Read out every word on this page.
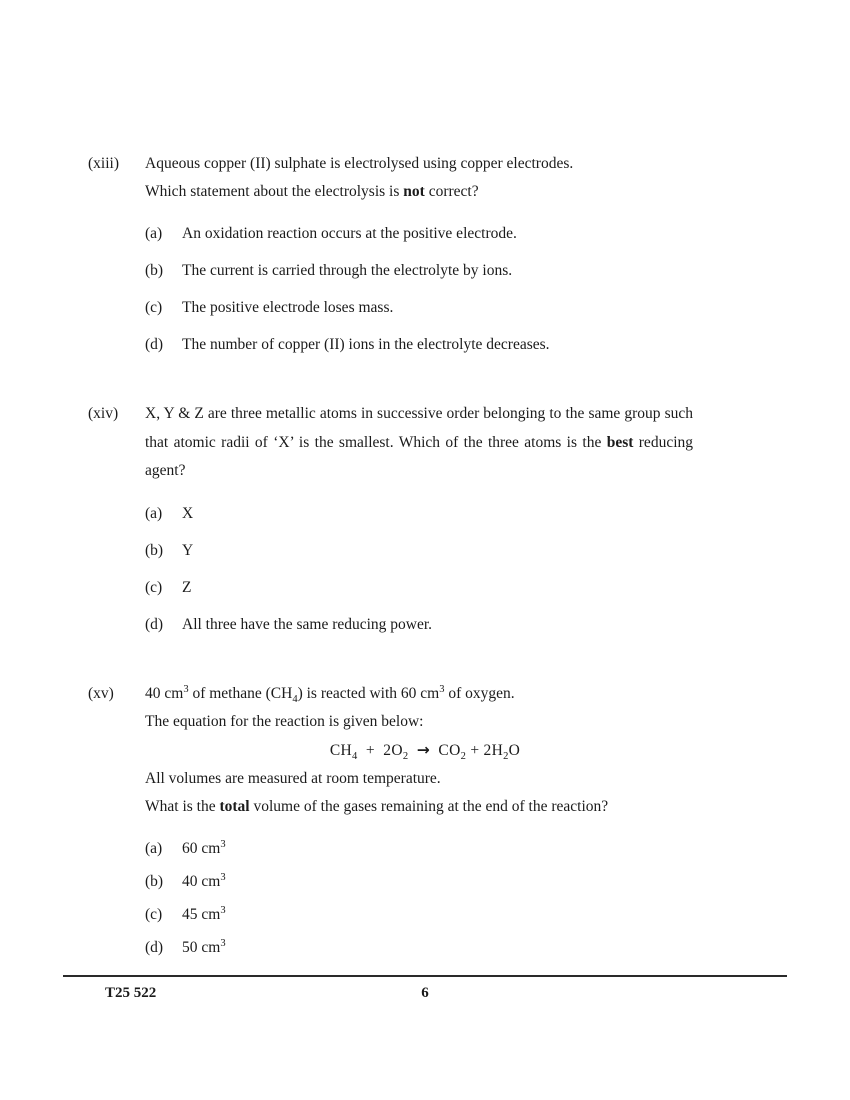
(xiii)	Aqueous copper (II) sulphate is electrolysed using copper electrodes.
Which statement about the electrolysis is not correct?
(a)	An oxidation reaction occurs at the positive electrode.
(b)	The current is carried through the electrolyte by ions.
(c)	The positive electrode loses mass.
(d)	The number of copper (II) ions in the electrolyte decreases.
(xiv)	X, Y & Z are three metallic atoms in successive order belonging to the same group such that atomic radii of ‘X’ is the smallest. Which of the three atoms is the best reducing agent?
(a)	X
(b)	Y
(c)	Z
(d)	All three have the same reducing power.
(xv)	40 $cm^3$ of methane $(CH_4)$ is reacted with 60 $cm^3$ of oxygen.
The equation for the reaction is given below:
$CH_4 + 2O_2 \to CO_2 + 2H_2O$
All volumes are measured at room temperature.
What is the total volume of the gases remaining at the end of the reaction?
(a)	60 $cm^3$
(b)	40 $cm^3$
(c)	45 $cm^3$
(d)	50 $cm^3$
T25 522	6
